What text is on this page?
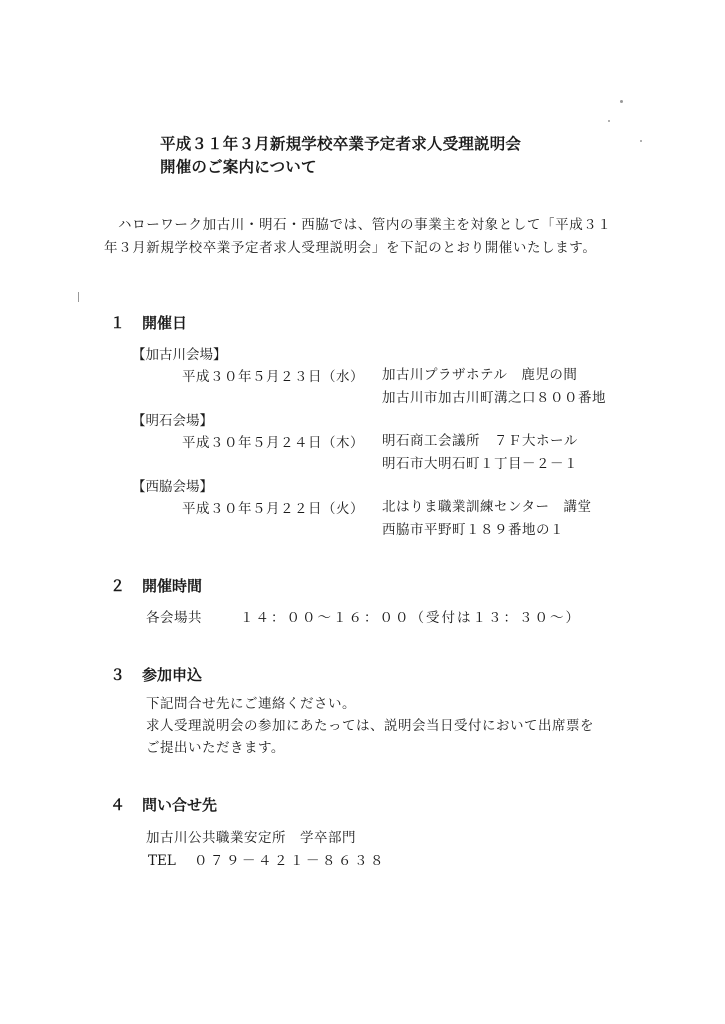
平成３１年３月新規学校卒業予定者求人受理説明会
開催のご案内について
ハローワーク加古川・明石・西脇では、管内の事業主を対象として「平成３１年３月新規学校卒業予定者求人受理説明会」を下記のとおり開催いたします。
１	開催日
【加古川会場】
平成３０年５月２３日（水） 加古川プラザホテル　鹿児の間
加古川市加古川町溝之口８００番地
【明石会場】
平成３０年５月２４日（木） 明石商工会議所　７Ｆ大ホール
明石市大明石町１丁目－２－１
【西脇会場】
平成３０年５月２２日（火） 北はりま職業訓練センター　講堂
西脇市平野町１８９番地の１
２	開催時間
各会場共	１４：００～１６：００（受付は１３：３０～）
３	参加申込
下記問合せ先にご連絡ください。
求人受理説明会の参加にあたっては、説明会当日受付において出席票を
ご提出いただきます。
４	問い合せ先
加古川公共職業安定所　学卒部門
TEL	０７９－４２１－８６３８
